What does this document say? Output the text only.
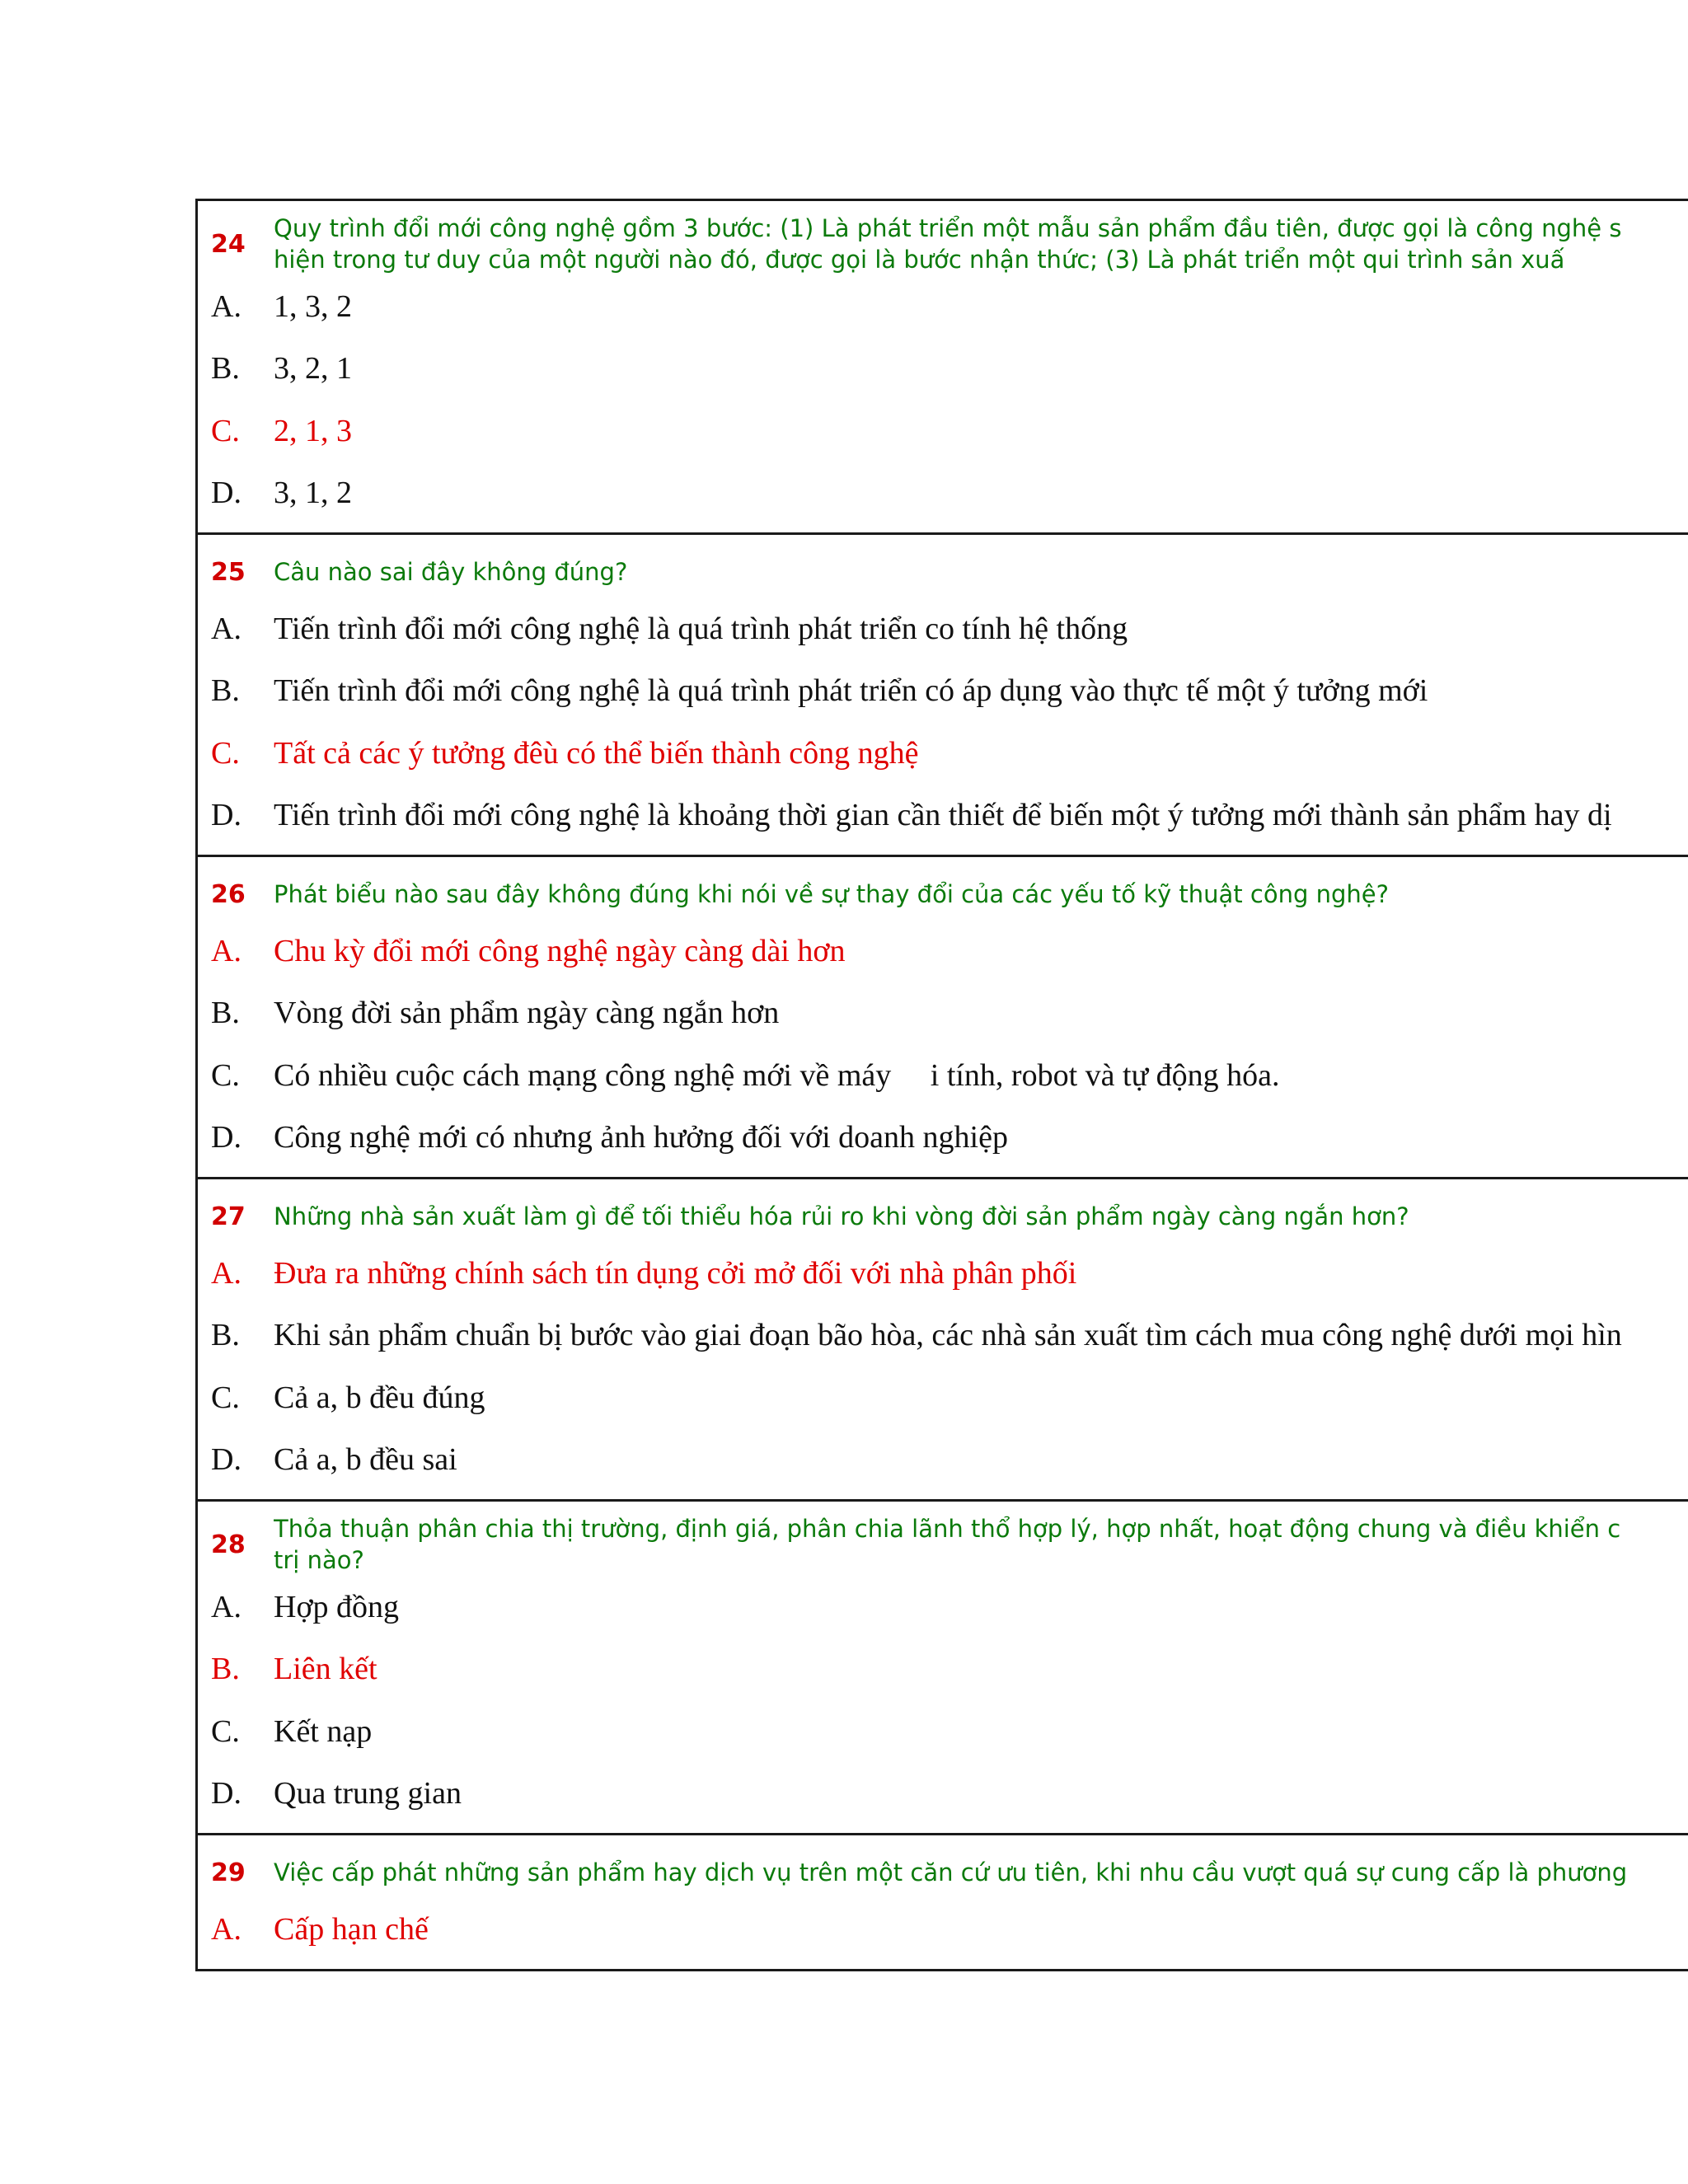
24
Quy trình đổi mới công nghệ gồm 3 bước: (1) Là phát triển một mẫu sản phẩm đầu tiên, được gọi là công nghệ s
hiện trong tư duy của một người nào đó, được gọi là bước nhận thức; (3) Là phát triển một qui trình sản xuấ
A.	1, 3, 2
B.	3, 2, 1
C.	2, 1, 3
D.	3, 1, 2
25	Câu nào sai đây không đúng?
A.	Tiến trình đổi mới công nghệ là quá trình phát triển co tính hệ thống
B.	Tiến trình đổi mới công nghệ là quá trình phát triển có áp dụng vào thực tế một ý tưởng mới
C.	Tất cả các ý tưởng đêù có thể biến thành công nghệ
D.	Tiến trình đổi mới công nghệ là khoảng thời gian cần thiết để biến một ý tưởng mới thành sản phẩm hay dị
26	Phát biểu nào sau đây không đúng khi nói về sự thay đổi của các yếu tố kỹ thuật công nghệ?
A.	Chu kỳ đổi mới công nghệ ngày càng dài hơn
B.	Vòng đời sản phẩm ngày càng ngắn hơn
C.	Có nhiều cuộc cách mạng công nghệ mới về máy     i tính, robot và tự động hóa.
D.	Công nghệ mới có nhưng ảnh hưởng đối với doanh nghiệp
27	Những nhà sản xuất làm gì để tối thiểu hóa rủi ro khi vòng đời sản phẩm ngày càng ngắn hơn?
A.	Đưa ra những chính sách tín dụng cởi mở đối với nhà phân phối
B.	Khi sản phẩm chuẩn bị bước vào giai đoạn bão hòa, các nhà sản xuất tìm cách mua công nghệ dưới mọi hìn
C.	Cả a, b đều đúng
D.	Cả a, b đều sai
28
Thỏa thuận phân chia thị trường, định giá, phân chia lãnh thổ hợp lý, hợp nhất, hoạt động chung và điều khiển c
trị nào?
A.	Hợp đồng
B.	Liên kết
C.	Kết nạp
D.	Qua trung gian
29	Việc cấp phát những sản phẩm hay dịch vụ trên một căn cứ ưu tiên, khi nhu cầu vượt quá sự cung cấp là phương
A.	Cấp hạn chế
